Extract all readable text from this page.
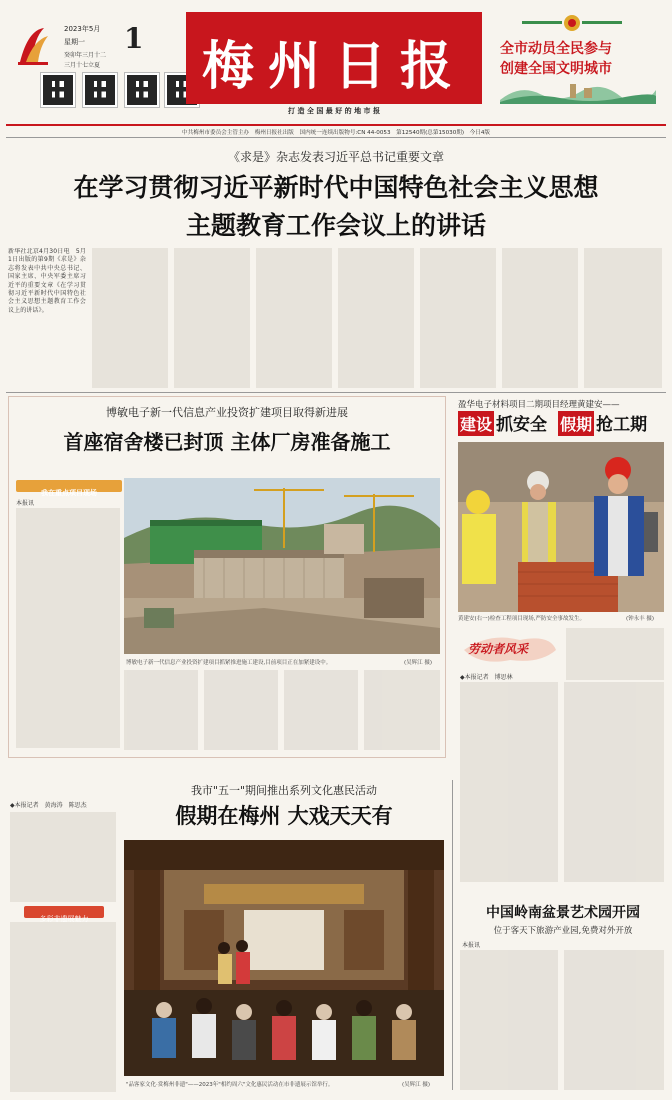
2023年5月
星期一
癸卯年三月十二
三月十七立夏
1	梅州日报
打 造 全 国 最 好 的 地 市 报
全市动员全民参与
创建全国文明城市
中共梅州市委员会主管主办　梅州日报社出版　国内统一连续出版物号:CN 44-0053　第12540期(总第15030期)　今日4版
《求是》杂志发表习近平总书记重要文章
在学习贯彻习近平新时代中国特色社会主义思想
主题教育工作会议上的讲话
新华社北京4月30日电　5月1日出版的第9期《求是》杂志将发表中共中央总书记、国家主席、中央军委主席习近平的重要文章《在学习贯彻习近平新时代中国特色社会主义思想主题教育工作会议上的讲话》。
博敏电子新一代信息产业投资扩建项目取得新进展
首座宿舍楼已封顶 主体厂房准备施工
我在重点项目现场
本报讯
博敏电子新一代信息产业投资扩建项目抓紧推进施工建设,目前项目正在加紧建设中。	(吴辉江 摄)
盈华电子材料项目二期项目经理黄建安——
建设 抓安全 假期 抢工期
黄建安(右一)检查工程项目现场,严防安全事故发生。	(钟永丰 摄)
劳动者风采
◆本报记者　博思林
我市"五一"期间推出系列文化惠民活动
假期在梅州 大戏天天有
◆本报记者　黄海涛　陈思杰
多彩非遗展魅力
"品客家文化·赏梅州非遗"——2023年"相约周六"文化惠民活动在市非遗展示馆举行。	(吴辉江 摄)
中国岭南盆景艺术园开园
位于客天下旅游产业园,免费对外开放
本报讯
